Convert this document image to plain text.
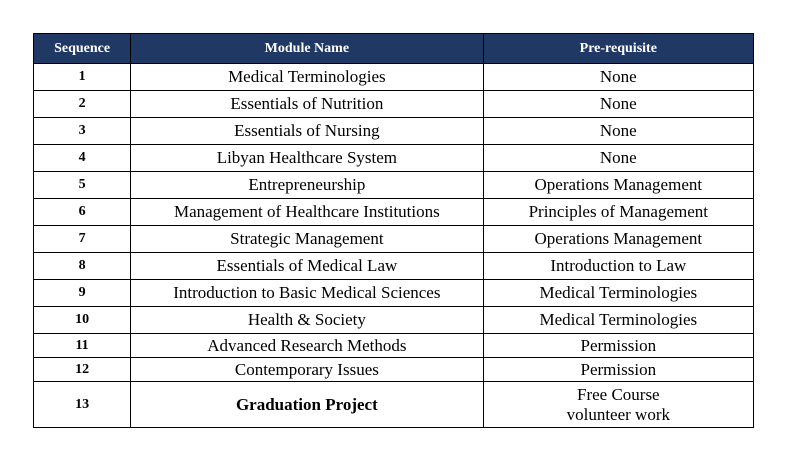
Sequence	Module Name	Pre-requisite
1	Medical Terminologies	None
2	Essentials of Nutrition	None
3	Essentials of Nursing	None
4	Libyan Healthcare System	None
5	Entrepreneurship	Operations Management
6	Management of Healthcare Institutions	Principles of Management
7	Strategic Management	Operations Management
8	Essentials of Medical Law	Introduction to Law
9	Introduction to Basic Medical Sciences	Medical Terminologies
10	Health & Society	Medical Terminologies
11	Advanced Research Methods	Permission
12	Contemporary Issues	Permission
13	Graduation Project	Free Course
volunteer work
